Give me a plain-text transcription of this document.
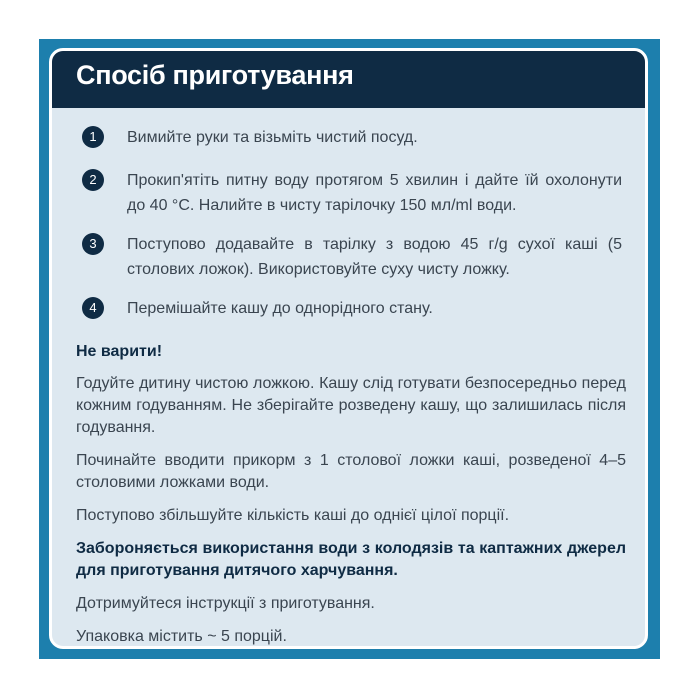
Спосіб приготування
1	Вимийте руки та візьміть чистий посуд.
2	Прокип'ятіть питну воду протягом 5 хвилин і дайте їй охолонути до 40 °С. Налийте в чисту тарілочку 150 мл/ml води.
3	Поступово додавайте в тарілку з водою 45 г/g сухої каші (5 столових ложок). Використовуйте суху чисту ложку.
4	Перемішайте кашу до однорідного стану.
Не варити!
Годуйте дитину чистою ложкою. Кашу слід готувати безпосередньо перед кожним годуванням. Не зберігайте розведену кашу, що залишилась після годування.
Починайте вводити прикорм з 1 столової ложки каші, розведеної 4–5 столовими ложками води.
Поступово збільшуйте кількість каші до однієї цілої порції.
Забороняється використання води з колодязів та каптажних джерел для приготування дитячого харчування.
Дотримуйтеся інструкції з приготування.
Упаковка містить ~ 5 порцій.
